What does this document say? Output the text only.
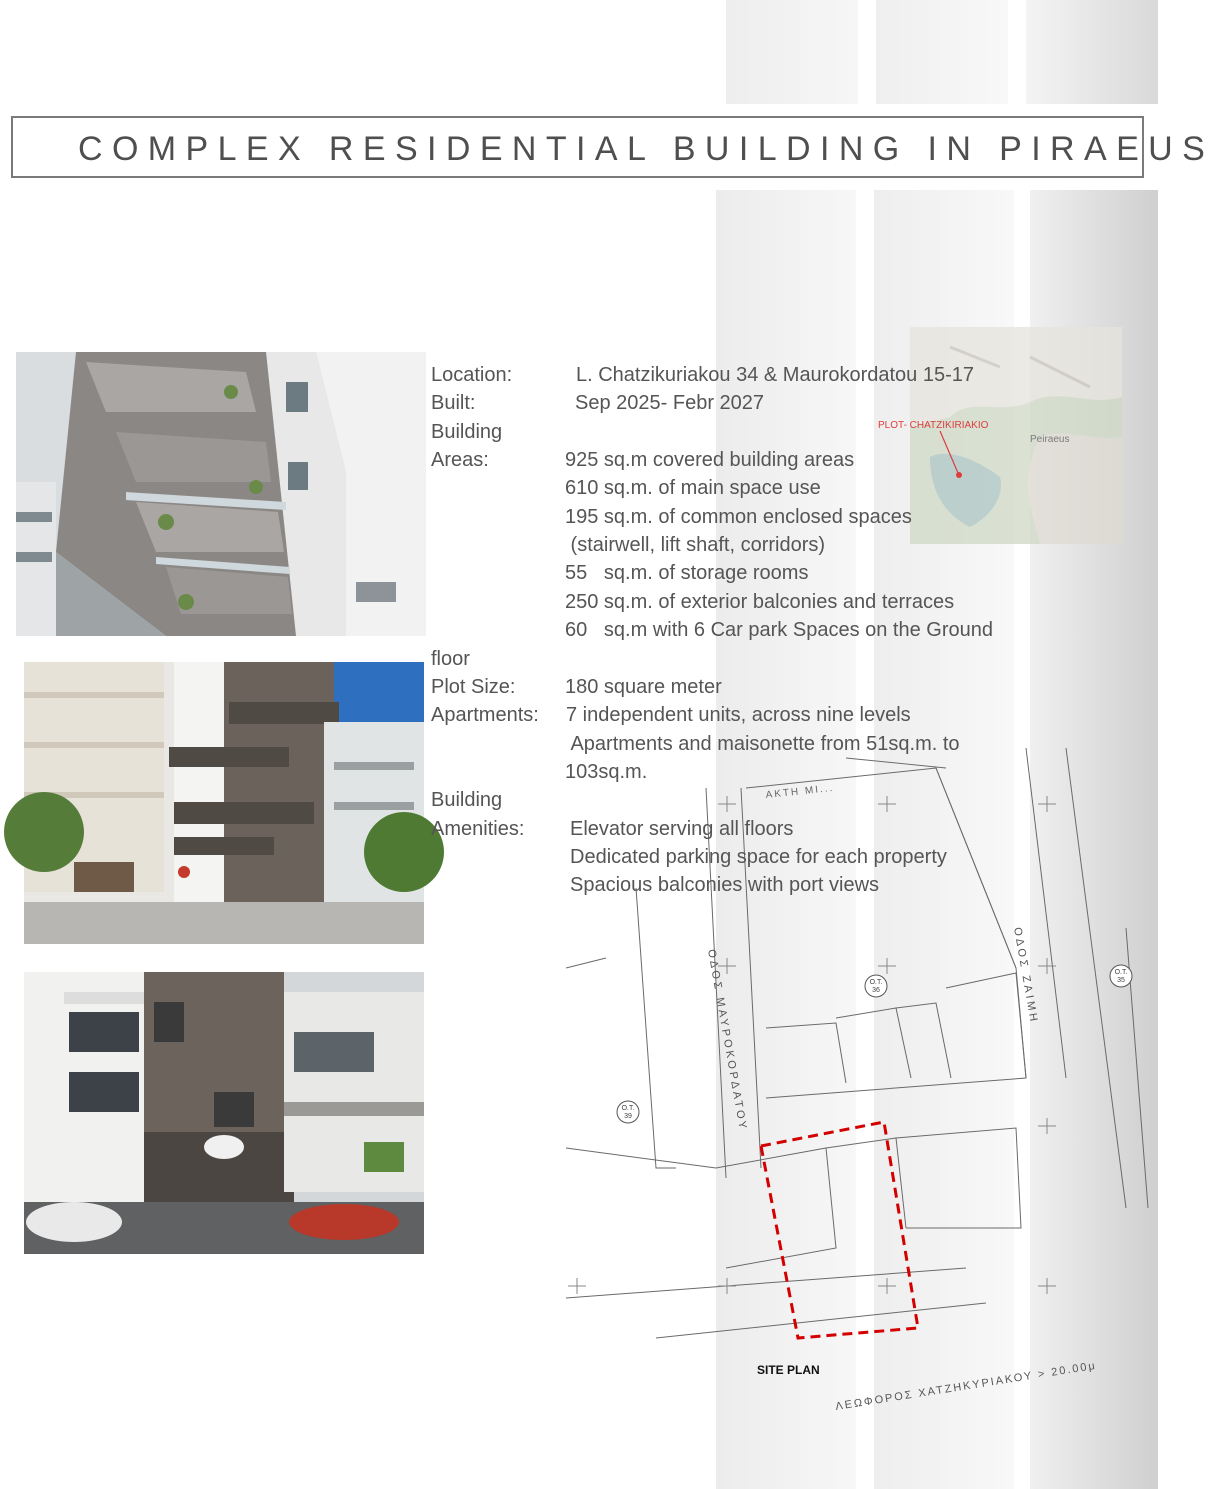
COMPLEX RESIDENTIAL BUILDING IN PIRAEUS
PLOT- CHATZIKIRIAKIO
Peiraeus
Ο.Τ.
36
Ο.Τ.
35
Ο.Τ.
39	ΟΔΟΣ ΜΑΥΡΟΚΟΡΔΑΤΟΥ	ΟΔΟΣ ΖΑΙΜΗ
ΛΕΩΦΟΡΟΣ ΧΑΤΖΗΚΥΡΙΑΚΟΥ > 20.00μ
ΑΚΤΗ ΜΙ...
SITE PLAN
Location:	L. Chatzikuriakou 34 & Maurokordatou 15-17
Built:	Sep 2025- Febr 2027
Building
Areas:	925 sq.m covered building areas
610 sq.m. of main space use
195 sq.m. of common enclosed spaces
(stairwell, lift shaft, corridors)
55   sq.m. of storage rooms
250 sq.m. of exterior balconies and terraces
60   sq.m with 6 Car park Spaces on the Ground
floor
Plot Size: 180 square meter
Apartments: 7 independent units, across nine levels
Apartments and maisonette from 51sq.m. to
103sq.m.
Building
Amenities: Elevator serving all floors
Dedicated parking space for each property
Spacious balconies with port views
